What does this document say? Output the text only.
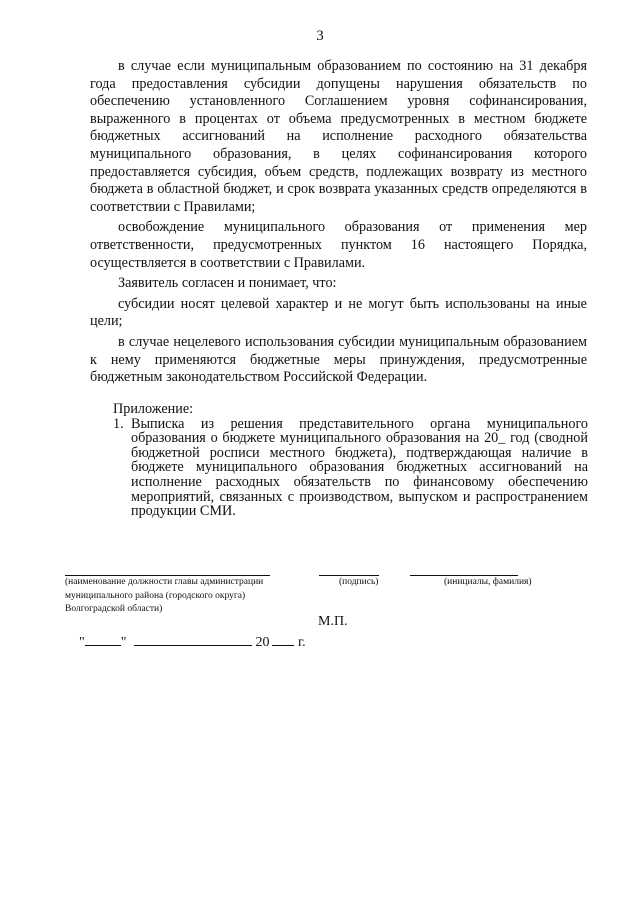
3

в случае если муниципальным образованием по состоянию на 31 декабря года предоставления субсидии допущены нарушения обязательств по обеспечению установленного Соглашением уровня софинансирования, выраженного в процентах от объема предусмотренных в местном бюджете бюджетных ассигнований на исполнение расходного обязательства муниципального образования, в целях софинансирования которого предоставляется субсидия, объем средств, подлежащих возврату из местного бюджета в областной бюджет, и срок возврата указанных средств определяются в соответствии с Правилами;

освобождение муниципального образования от применения мер ответственности, предусмотренных пунктом 16 настоящего Порядка, осуществляется в соответствии с Правилами.

Заявитель согласен и понимает, что:

субсидии носят целевой характер и не могут быть использованы на иные цели;

в случае нецелевого использования субсидии муниципальным образованием к нему применяются бюджетные меры принуждения, предусмотренные бюджетным законодательством Российской Федерации.

Приложение:

1. Выписка из решения представительного органа муниципального образования о бюджете муниципального образования на 20_ год (сводной бюджетной росписи местного бюджета), подтверждающая наличие в бюджете муниципального образования бюджетных ассигнований на исполнение расходных обязательств по финансовому обеспечению мероприятий, связанных с производством, выпуском и распространением продукции СМИ.
(наименование должности главы администрации муниципального района (городского округа) Волгоградской области)
(подпись)	(инициалы, фамилия)
М.П.
"	"	20 г.
